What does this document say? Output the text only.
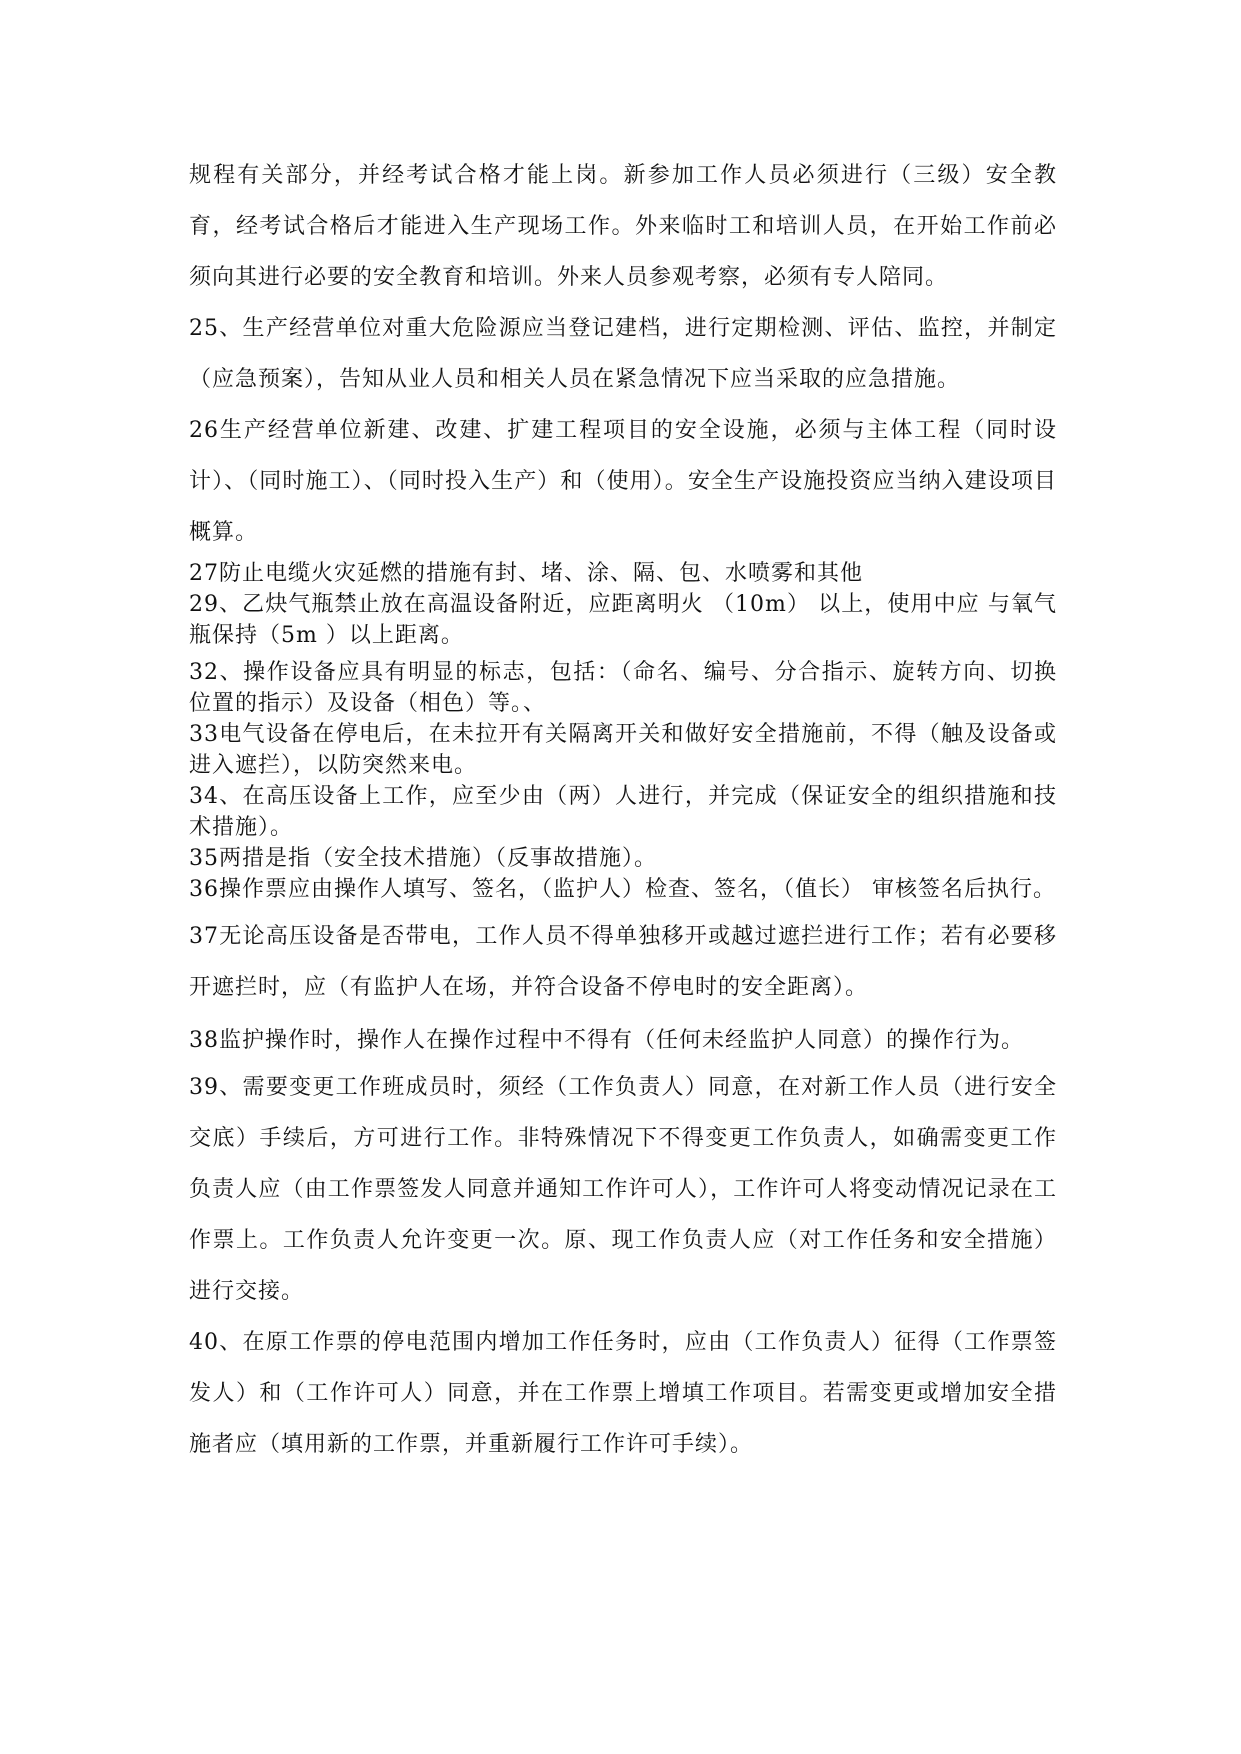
规程有关部分，并经考试合格才能上岗。新参加工作人员必须进行（三级）安全教育，经考试合格后才能进入生产现场工作。外来临时工和培训人员，在开始工作前必须向其进行必要的安全教育和培训。外来人员参观考察，必须有专人陪同。

25、生产经营单位对重大危险源应当登记建档，进行定期检测、评估、监控，并制定（应急预案），告知从业人员和相关人员在紧急情况下应当采取的应急措施。

26生产经营单位新建、改建、扩建工程项目的安全设施，必须与主体工程（同时设计）、（同时施工）、（同时投入生产）和（使用）。安全生产设施投资应当纳入建设项目概算。

27防止电缆火灾延燃的措施有封、堵、涂、隔、包、水喷雾和其他

29、乙炔气瓶禁止放在高温设备附近，应距离明火 （10m） 以上，使用中应 与氧气瓶保持（5m ）以上距离。

32、操作设备应具有明显的标志，包括：（命名、编号、分合指示、旋转方向、切换位置的指示）及设备（相色）等。、

33电气设备在停电后，在未拉开有关隔离开关和做好安全措施前，不得（触及设备或进入遮拦），以防突然来电。

34、在高压设备上工作，应至少由（两）人进行，并完成（保证安全的组织措施和技术措施）。

35两措是指（安全技术措施）（反事故措施）。

36操作票应由操作人填写、签名，（监护人）检查、签名，（值长） 审核签名后执行。

37无论高压设备是否带电，工作人员不得单独移开或越过遮拦进行工作；若有必要移开遮拦时，应（有监护人在场，并符合设备不停电时的安全距离）。

38监护操作时，操作人在操作过程中不得有（任何未经监护人同意）的操作行为。

39、需要变更工作班成员时，须经（工作负责人）同意，在对新工作人员（进行安全交底）手续后，方可进行工作。非特殊情况下不得变更工作负责人，如确需变更工作负责人应（由工作票签发人同意并通知工作许可人），工作许可人将变动情况记录在工作票上。工作负责人允许变更一次。原、现工作负责人应（对工作任务和安全措施）进行交接。

40、在原工作票的停电范围内增加工作任务时，应由（工作负责人）征得（工作票签发人）和（工作许可人）同意，并在工作票上增填工作项目。若需变更或增加安全措施者应（填用新的工作票，并重新履行工作许可手续）。
